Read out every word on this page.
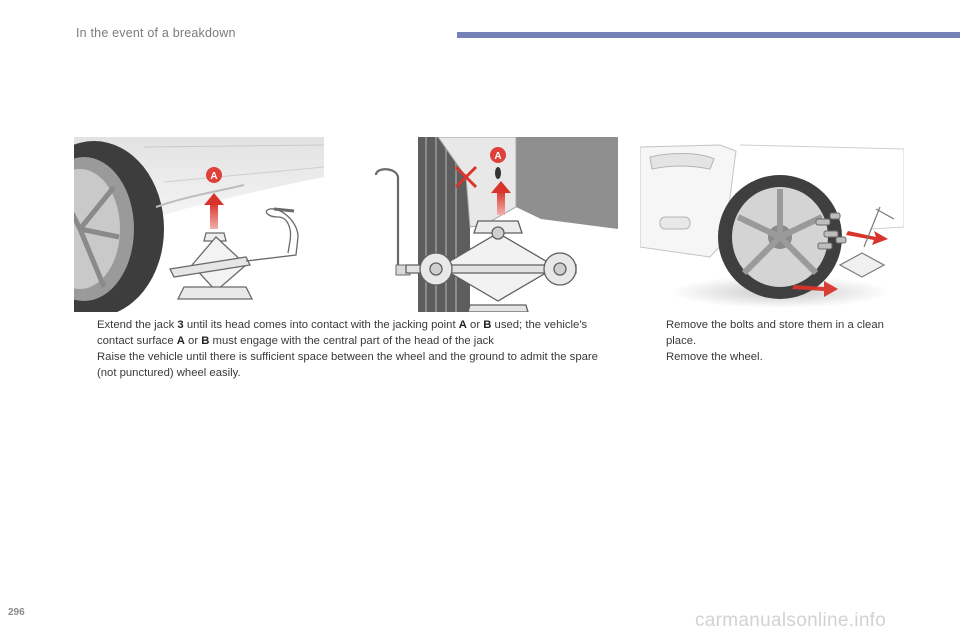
In the event of a breakdown
A
A
Extend the jack 3 until its head comes into contact with the jacking point A or B used; the vehicle's contact surface A or B must engage with the central part of the head of the jack
Raise the vehicle until there is sufficient space between the wheel and the ground to admit the spare (not punctured) wheel easily.
Remove the bolts and store them in a clean place.
Remove the wheel.
296	carmanualsonline.info
